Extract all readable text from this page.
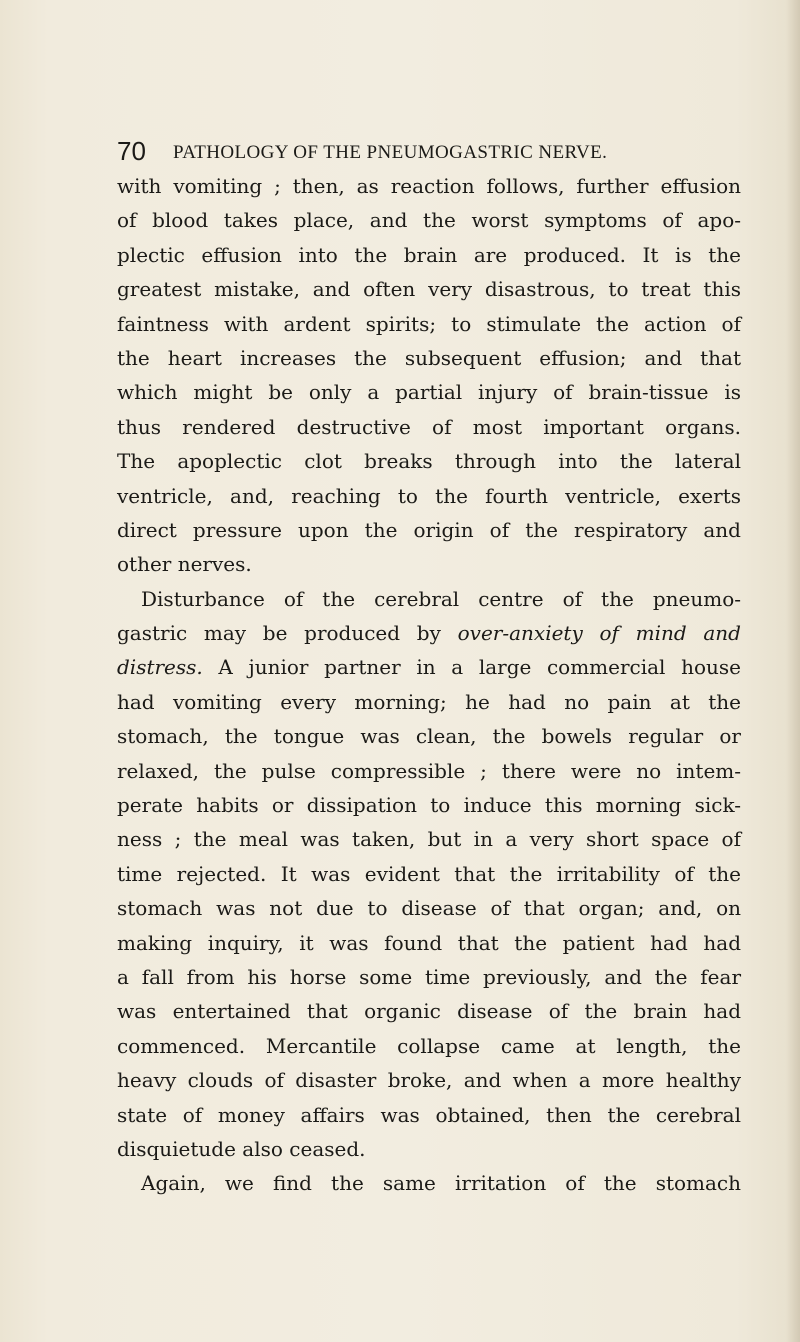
70 PATHOLOGY OF THE PNEUMOGASTRIC NERVE.
with vomiting ; then, as reaction follows, further effusion
of blood takes place, and the worst symptoms of apo-
plectic effusion into the brain are produced. It is the
greatest mistake, and often very disastrous, to treat this
faintness with ardent spirits; to stimulate the action of
the heart increases the subsequent effusion; and that
which might be only a partial injury of brain-tissue is
thus rendered destructive of most important organs.
The apoplectic clot breaks through into the lateral
ventricle, and, reaching to the fourth ventricle, exerts
direct pressure upon the origin of the respiratory and
other nerves.
Disturbance of the cerebral centre of the pneumo-
gastric may be produced by over-anxiety of mind and
distress. A junior partner in a large commercial house
had vomiting every morning; he had no pain at the
stomach, the tongue was clean, the bowels regular or
relaxed, the pulse compressible ; there were no intem-
perate habits or dissipation to induce this morning sick-
ness ; the meal was taken, but in a very short space of
time rejected. It was evident that the irritability of the
stomach was not due to disease of that organ; and, on
making inquiry, it was found that the patient had had
a fall from his horse some time previously, and the fear
was entertained that organic disease of the brain had
commenced. Mercantile collapse came at length, the
heavy clouds of disaster broke, and when a more healthy
state of money affairs was obtained, then the cerebral
disquietude also ceased.
Again, we find the same irritation of the stomach
